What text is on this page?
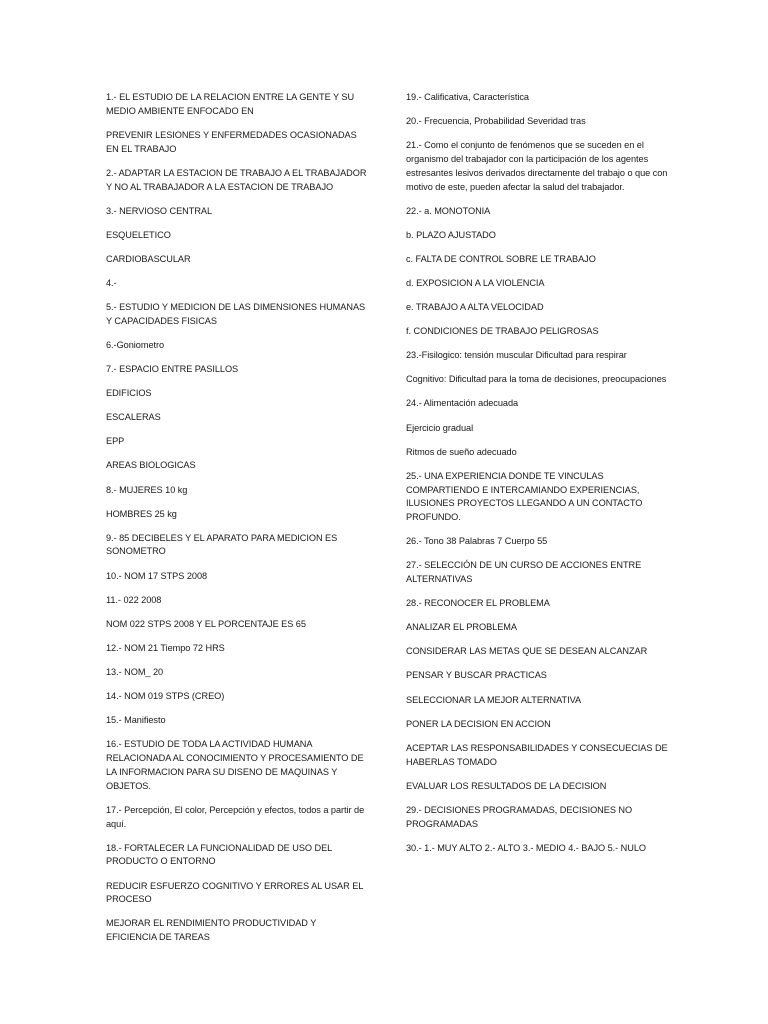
1.- EL ESTUDIO DE LA RELACION ENTRE LA GENTE Y SU MEDIO AMBIENTE ENFOCADO EN

PREVENIR LESIONES Y ENFERMEDADES OCASIONADAS EN EL TRABAJO

2.- ADAPTAR LA ESTACION DE TRABAJO A EL TRABAJADOR Y NO AL TRABAJADOR A LA ESTACION DE TRABAJO

3.- NERVIOSO CENTRAL

ESQUELETICO

CARDIOBASCULAR

4.-

5.- ESTUDIO Y MEDICION DE LAS DIMENSIONES HUMANAS Y CAPACIDADES FISICAS

6.-Goniometro

7.- ESPACIO ENTRE PASILLOS

EDIFICIOS

ESCALERAS

EPP

AREAS BIOLOGICAS

8.- MUJERES 10 kg

HOMBRES 25 kg

9.- 85 DECIBELES Y EL APARATO PARA MEDICION ES SONOMETRO

10.- NOM 17 STPS 2008

11.- 022 2008

NOM 022 STPS 2008 Y EL PORCENTAJE ES 65

12.- NOM 21 Tiempo 72 HRS

13.- NOM_ 20

14.- NOM 019 STPS (CREO)

15.- Manifiesto

16.- ESTUDIO DE TODA LA ACTIVIDAD HUMANA RELACIONADA AL CONOCIMIENTO Y PROCESAMIENTO DE LA INFORMACION PARA SU DISENO DE MAQUINAS Y OBJETOS.

17.- Percepción, El color, Percepción y efectos, todos a partir de aquí.

18.- FORTALECER LA FUNCIONALIDAD DE USO DEL PRODUCTO O ENTORNO

REDUCIR ESFUERZO COGNITIVO Y ERRORES AL USAR EL PROCESO

MEJORAR EL RENDIMIENTO PRODUCTIVIDAD Y EFICIENCIA DE TAREAS

19.- Calificativa, Característica

20.- Frecuencia, Probabilidad Severidad tras

21.- Como el conjunto de fenómenos que se suceden en el organismo del trabajador con la participación de los agentes estresantes lesivos derivados directamente del trabajo o que con motivo de este, pueden afectar la salud del trabajador.

22.- a. MONOTONIA

b. PLAZO AJUSTADO

c. FALTA DE CONTROL SOBRE LE TRABAJO

d. EXPOSICION A LA VIOLENCIA

e. TRABAJO A ALTA VELOCIDAD

f. CONDICIONES DE TRABAJO PELIGROSAS

23.-Fisilogico: tensión muscular Dificultad para respirar

Cognitivo: Dificultad para la toma de decisiones, preocupaciones

24.- Alimentación adecuada

Ejercicio gradual

Ritmos de sueño adecuado

25.- UNA EXPERIENCIA DONDE TE VINCULAS COMPARTIENDO E INTERCAMIANDO EXPERIENCIAS, ILUSIONES PROYECTOS LLEGANDO A UN CONTACTO PROFUNDO.

26.- Tono 38 Palabras 7 Cuerpo 55

27.- SELECCIÓN DE UN CURSO DE ACCIONES ENTRE ALTERNATIVAS

28.- RECONOCER EL PROBLEMA

ANALIZAR EL PROBLEMA

CONSIDERAR LAS METAS QUE SE DESEAN ALCANZAR

PENSAR Y BUSCAR PRACTICAS

SELECCIONAR LA MEJOR ALTERNATIVA

PONER LA DECISION EN ACCION

ACEPTAR LAS RESPONSABILIDADES Y CONSECUECIAS DE HABERLAS TOMADO

EVALUAR LOS RESULTADOS DE LA DECISION

29.- DECISIONES PROGRAMADAS, DECISIONES NO PROGRAMADAS

30.- 1.- MUY ALTO 2.- ALTO 3.- MEDIO 4.- BAJO 5.- NULO
